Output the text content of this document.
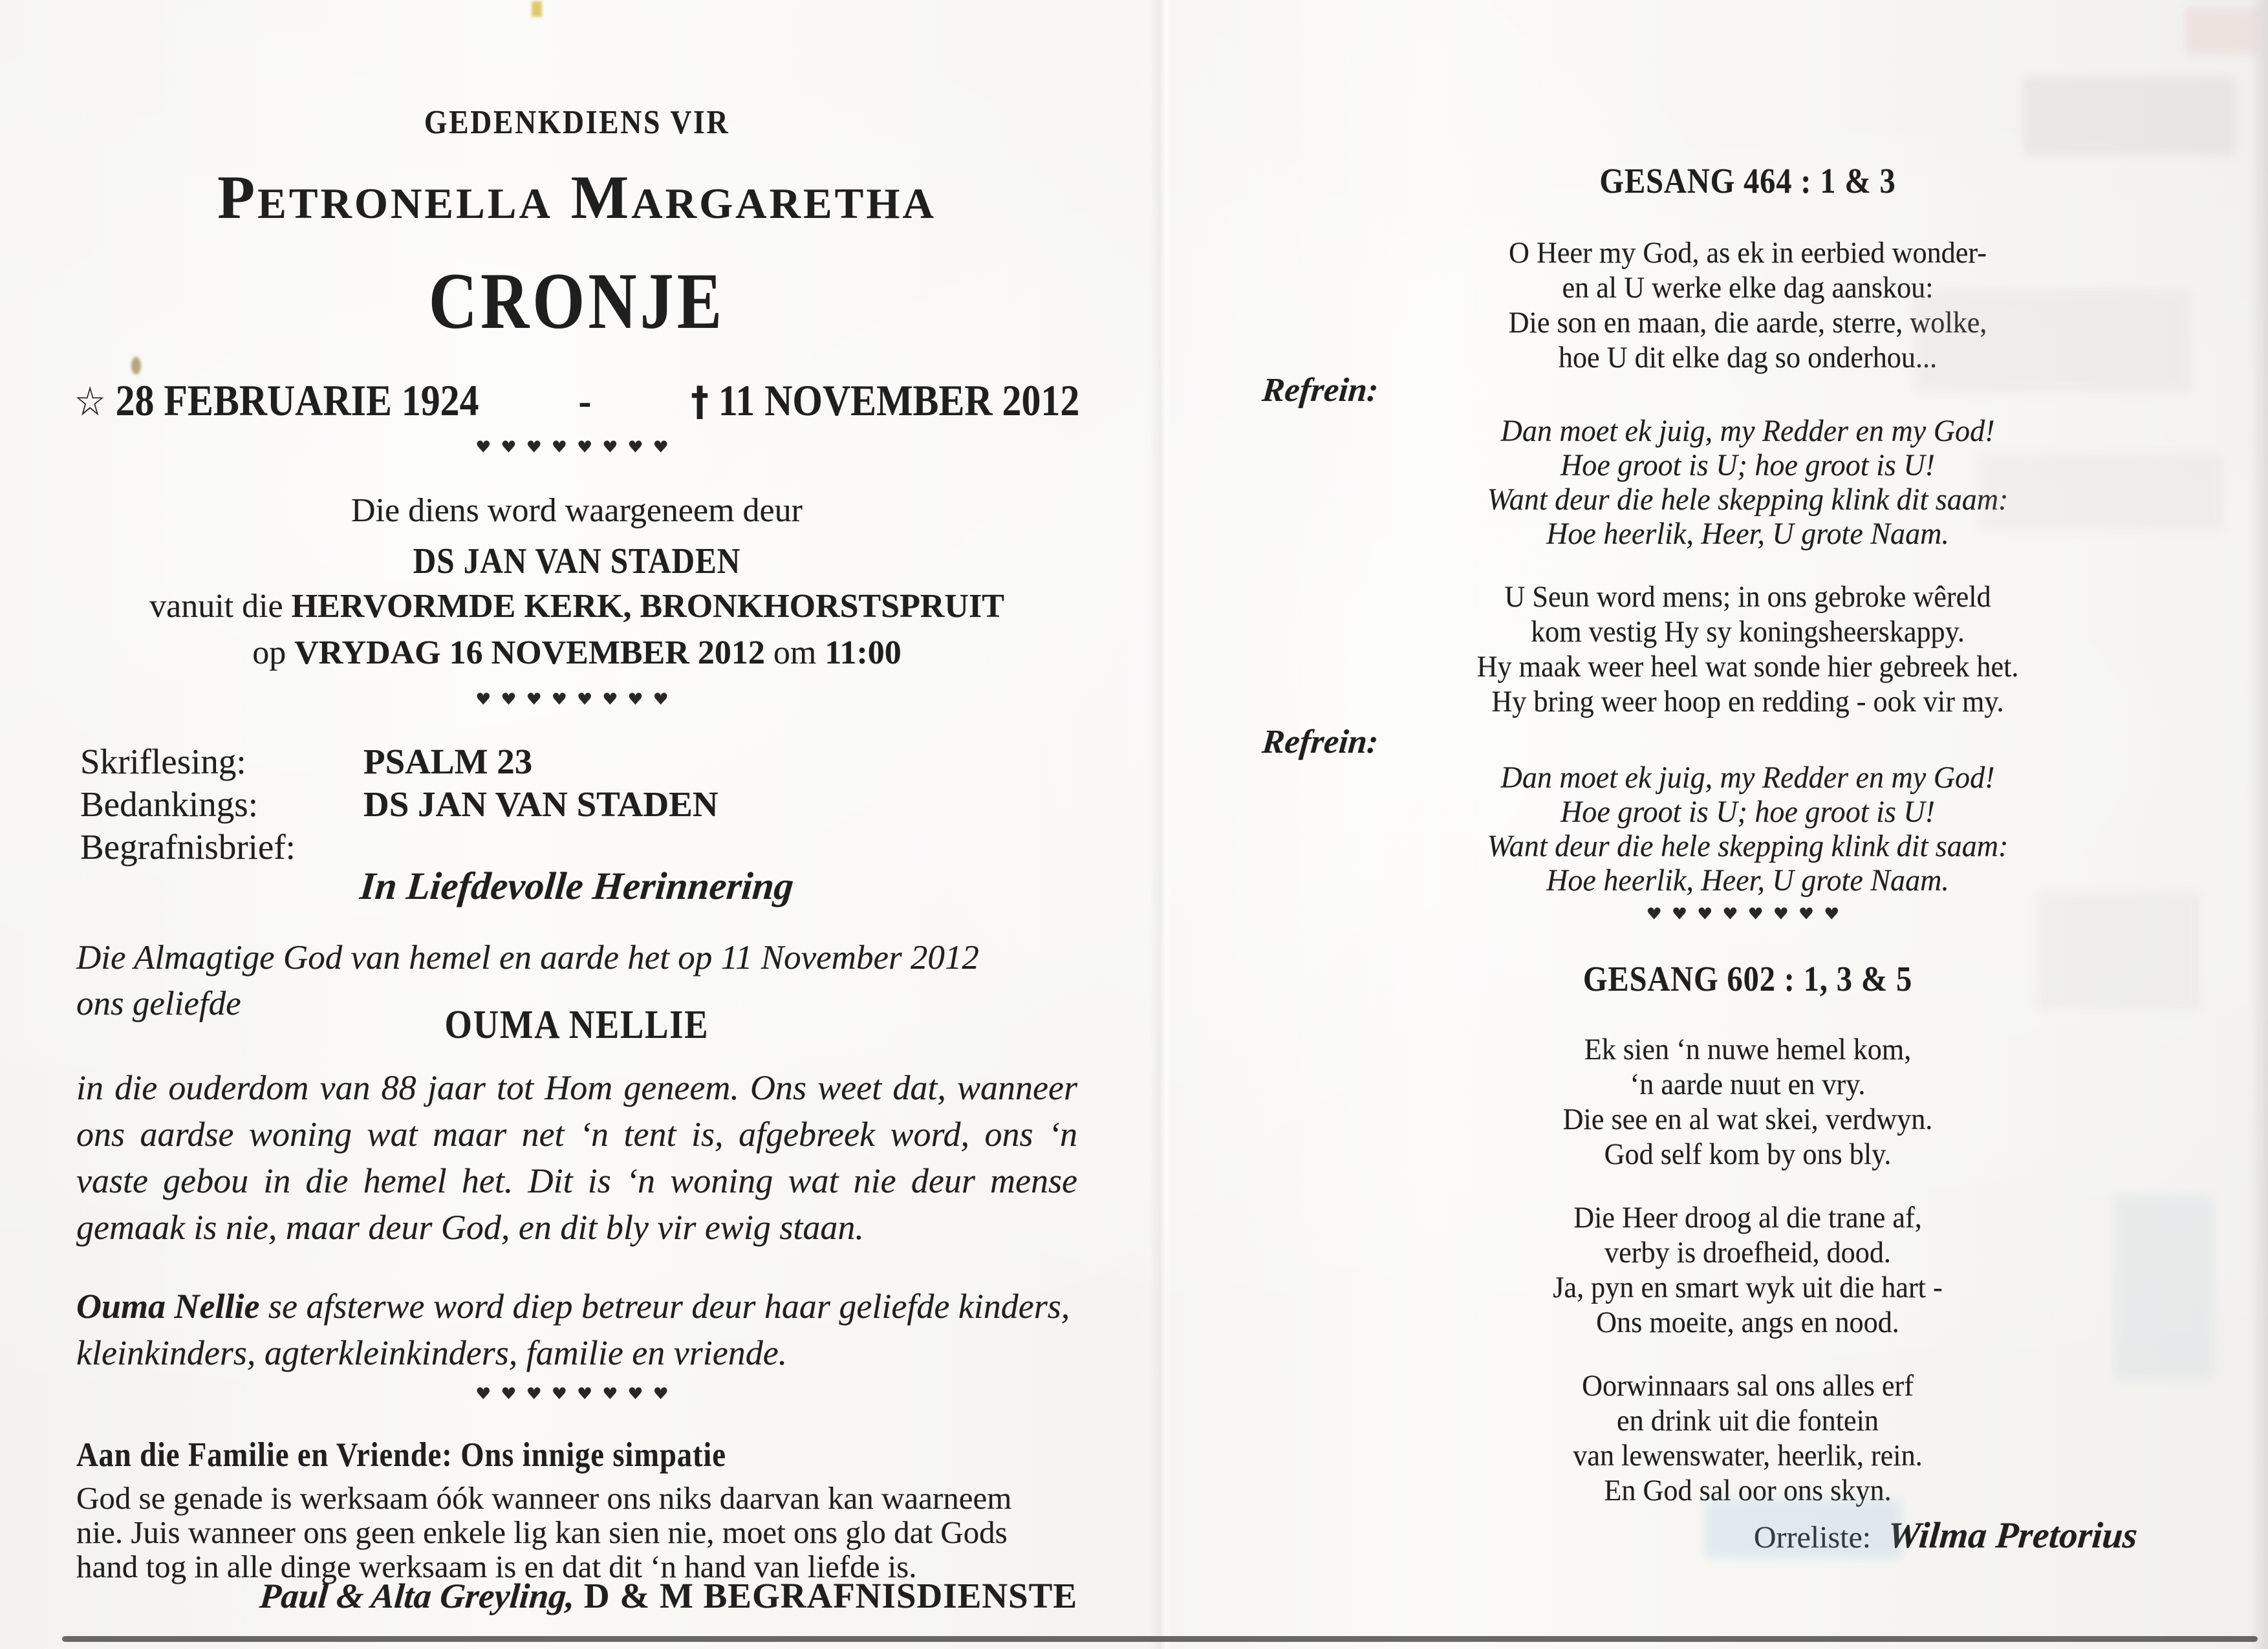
GEDENKDIENS VIR
Petronella Margaretha
CRONJE
☆ 28 FEBRUARIE 1924 - † 11 NOVEMBER 2012
♥♥♥♥♥♥♥♥
Die diens word waargeneem deur
DS JAN VAN STADEN
vanuit die HERVORMDE KERK, BRONKHORSTSPRUIT
op VRYDAG 16 NOVEMBER 2012 om 11:00
♥♥♥♥♥♥♥♥
Skriflesing:	PSALM 23
Bedankings:	DS JAN VAN STADEN
Begrafnisbrief:
In Liefdevolle Herinnering
Die Almagtige God van hemel en aarde het op 11 November 2012 ons geliefde	OUMA NELLIE
in die ouderdom van 88 jaar tot Hom geneem. Ons weet dat, wanneer ons aardse woning wat maar net ‘n tent is, afgebreek word, ons ‘n vaste gebou in die hemel het. Dit is ‘n woning wat nie deur mense gemaak is nie, maar deur God, en dit bly vir ewig staan.
Ouma Nellie se afsterwe word diep betreur deur haar geliefde kinders, kleinkinders, agterkleinkinders, familie en vriende.
♥♥♥♥♥♥♥♥
Aan die Familie en Vriende: Ons innige simpatie
God se genade is werksaam óók wanneer ons niks daarvan kan waarneem nie. Juis wanneer ons geen enkele lig kan sien nie, moet ons glo dat Gods hand tog in alle dinge werksaam is en dat dit ‘n hand van liefde is.
Paul & Alta Greyling, D & M BEGRAFNISDIENSTE
GESANG 464 : 1 & 3
O Heer my God, as ek in eerbied wonder-
en al U werke elke dag aanskou:
Die son en maan, die aarde, sterre, wolke,
hoe U dit elke dag so onderhou...
Refrein:
Dan moet ek juig, my Redder en my God!
Hoe groot is U; hoe groot is U!
Want deur die hele skepping klink dit saam:
Hoe heerlik, Heer, U grote Naam.
U Seun word mens; in ons gebroke wêreld
kom vestig Hy sy koningsheerskappy.
Hy maak weer heel wat sonde hier gebreek het.
Hy bring weer hoop en redding - ook vir my.
Refrein:
Dan moet ek juig, my Redder en my God!
Hoe groot is U; hoe groot is U!
Want deur die hele skepping klink dit saam:
Hoe heerlik, Heer, U grote Naam.
♥♥♥♥♥♥♥♥
GESANG 602 : 1, 3 & 5
Ek sien ‘n nuwe hemel kom,
‘n aarde nuut en vry.
Die see en al wat skei, verdwyn.
God self kom by ons bly.
Die Heer droog al die trane af,
verby is droefheid, dood.
Ja, pyn en smart wyk uit die hart -
Ons moeite, angs en nood.
Oorwinnaars sal ons alles erf
en drink uit die fontein
van lewenswater, heerlik, rein.
En God sal oor ons skyn.
Orreliste: Wilma Pretorius
